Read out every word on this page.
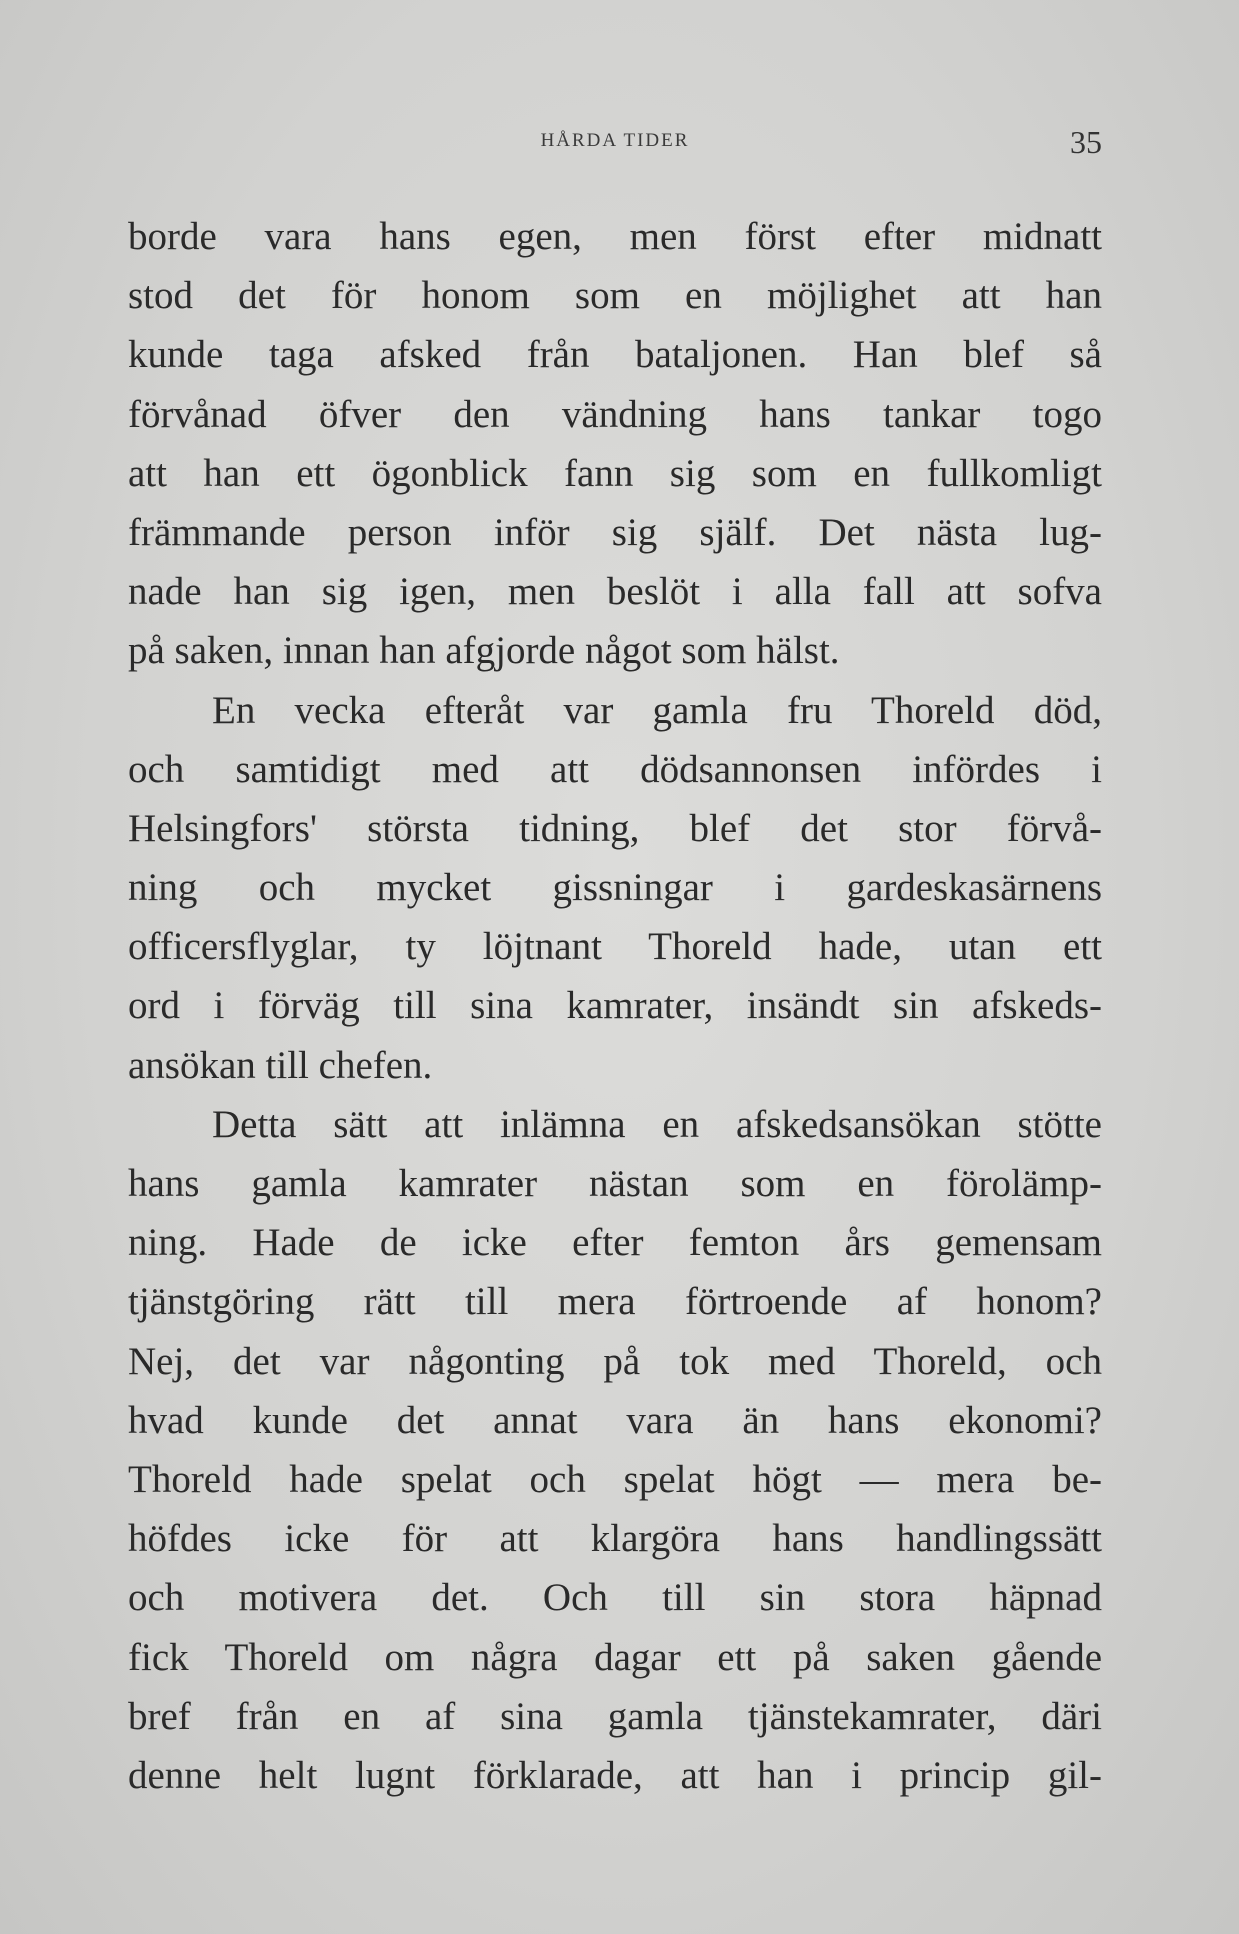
HÅRDA TIDER	35
borde vara hans egen, men först efter midnatt
stod det för honom som en möjlighet att han
kunde taga afsked från bataljonen. Han blef så
förvånad öfver den vändning hans tankar togo
att han ett ögonblick fann sig som en fullkomligt
främmande person inför sig själf. Det nästa lug-
nade han sig igen, men beslöt i alla fall att sofva
på saken, innan han afgjorde något som hälst.
En vecka efteråt var gamla fru Thoreld död,
och samtidigt med att dödsannonsen infördes i
Helsingfors' största tidning, blef det stor förvå-
ning och mycket gissningar i gardeskasärnens
officersflyglar, ty löjtnant Thoreld hade, utan ett
ord i förväg till sina kamrater, insändt sin afskeds-
ansökan till chefen.
Detta sätt att inlämna en afskedsansökan stötte
hans gamla kamrater nästan som en förolämp-
ning. Hade de icke efter femton års gemensam
tjänstgöring rätt till mera förtroende af honom?
Nej, det var någonting på tok med Thoreld, och
hvad kunde det annat vara än hans ekonomi?
Thoreld hade spelat och spelat högt — mera be-
höfdes icke för att klargöra hans handlingssätt
och motivera det. Och till sin stora häpnad
fick Thoreld om några dagar ett på saken gående
bref från en af sina gamla tjänstekamrater, däri
denne helt lugnt förklarade, att han i princip gil-
